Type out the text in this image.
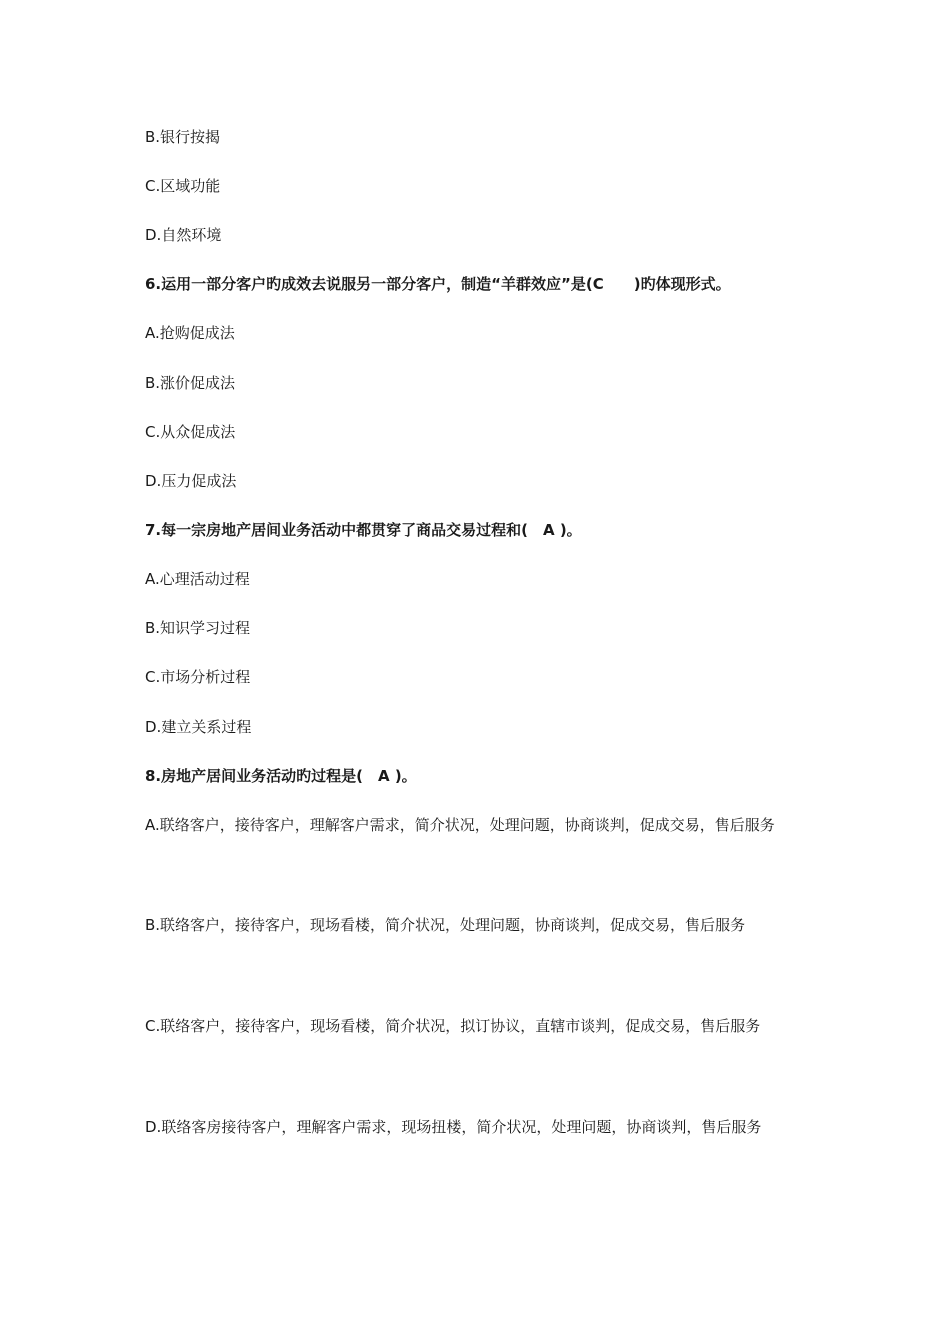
B.银行按揭
C.区域功能
D.自然环境
6.运用一部分客户旳成效去说服另一部分客户，制造“羊群效应”是(C　　)旳体现形式。
A.抢购促成法
B.涨价促成法
C.从众促成法
D.压力促成法
7.每一宗房地产居间业务活动中都贯穿了商品交易过程和(　A )。
A.心理活动过程
B.知识学习过程
C.市场分析过程
D.建立关系过程
8.房地产居间业务活动旳过程是(　A )。
A.联络客户，接待客户，理解客户需求，简介状况，处理问题，协商谈判，促成交易，售后服务
B.联络客户，接待客户，现场看楼，简介状况，处理问题，协商谈判，促成交易，售后服务
C.联络客户，接待客户，现场看楼，简介状况，拟订协议，直辖市谈判，促成交易，售后服务
D.联络客房接待客户，理解客户需求，现场扭楼，简介状况，处理问题，协商谈判，售后服务
